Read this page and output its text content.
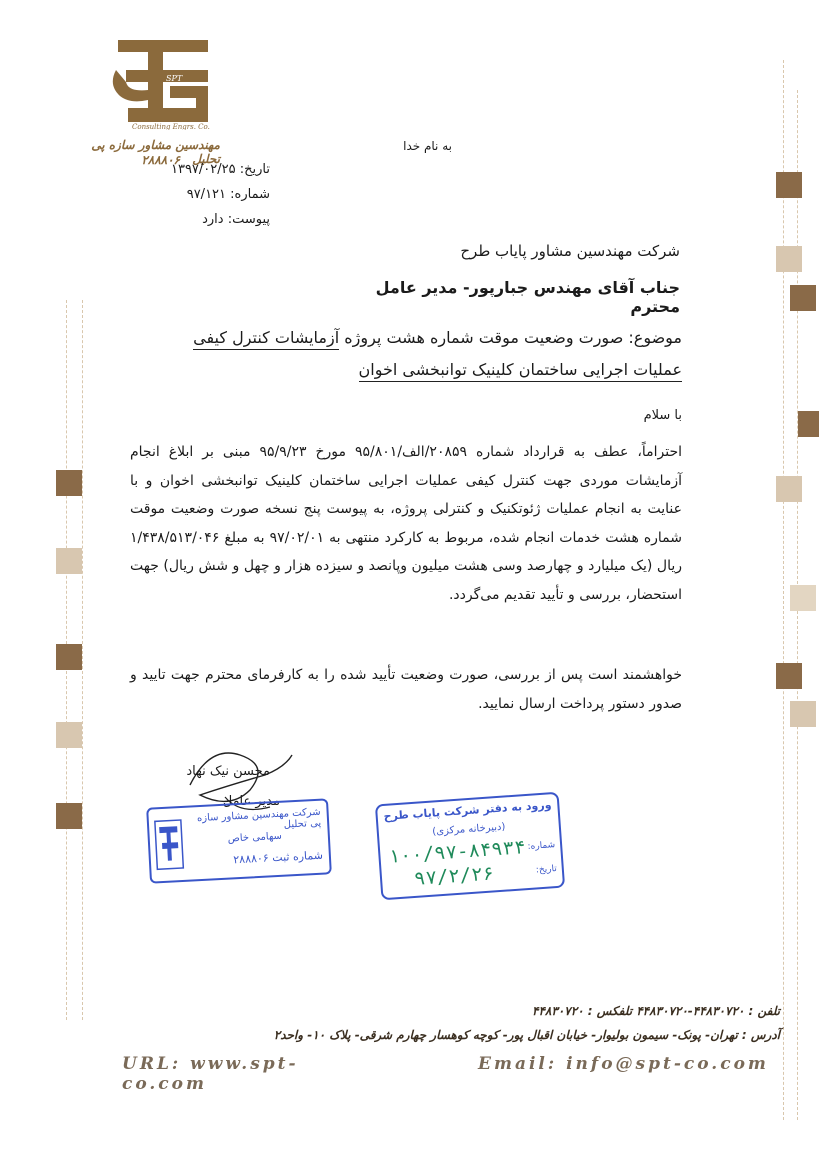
SPT
Consulting Engrs. Co.
مهندسین مشاور سازه پی تحلیل
۲۸۸۸۰۶
به نام خدا
تاریخ: ۱۳۹۷/۰۲/۲۵
شماره: ۹۷/۱۲۱
پیوست: دارد
شرکت مهندسین مشاور پایاب طرح
جناب آقای مهندس جبارپور- مدیر عامل محترم
موضوع: صورت وضعیت موقت شماره هشت پروژه آزمایشات کنترل کیفی
عملیات اجرایی ساختمان کلینیک توانبخشی اخوان
با سلام
احتراماً، عطف به قرارداد شماره ۲۰۸۵۹/الف/۹۵/۸۰۱ مورخ ۹۵/۹/۲۳ مبنی بر ابلاغ انجام آزمایشات موردی جهت کنترل کیفی عملیات اجرایی ساختمان کلینیک توانبخشی اخوان و با عنایت به انجام عملیات ژئوتکنیک و کنترلی پروژه، به پیوست پنج نسخه صورت وضعیت موقت شماره هشت خدمات انجام شده، مربوط به کارکرد منتهی به ۹۷/۰۲/۰۱ به مبلغ ۱/۴۳۸/۵۱۳/۰۴۶ ریال (یک میلیارد و چهارصد وسی هشت میلیون وپانصد و سیزده هزار و چهل و شش ریال) جهت استحضار، بررسی و تأیید تقدیم می‌گردد.
خواهشمند است پس از بررسی، صورت وضعیت تأیید شده را به کارفرمای محترم جهت تایید و صدور دستور پرداخت ارسال نمایید.
محسن نیک نهاد
مدیر عامل
شرکت مهندسین مشاور سازه پی تحلیل
سهامی خاص
شماره ثبت ۲۸۸۸۰۶
ورود به دفتر شرکت پایاب طرح
(دبیرخانه مرکزی)
شماره:
۱۰۰/۹۷-۸۴۹۳۴
تاریخ:
۹۷/۲/۲۶
تلفن : ۴۴۸۳۰۷۲۰-۴۴۸۳۰۷۲۰ تلفکس : ۴۴۸۳۰۷۲۰
آدرس : تهران- پونک- سیمون بولیوار- خیابان اقبال پور- کوچه کوهسار چهارم شرقی- پلاک ۱۰- واحد۲
URL: www.spt-co.com
Email: info@spt-co.com
